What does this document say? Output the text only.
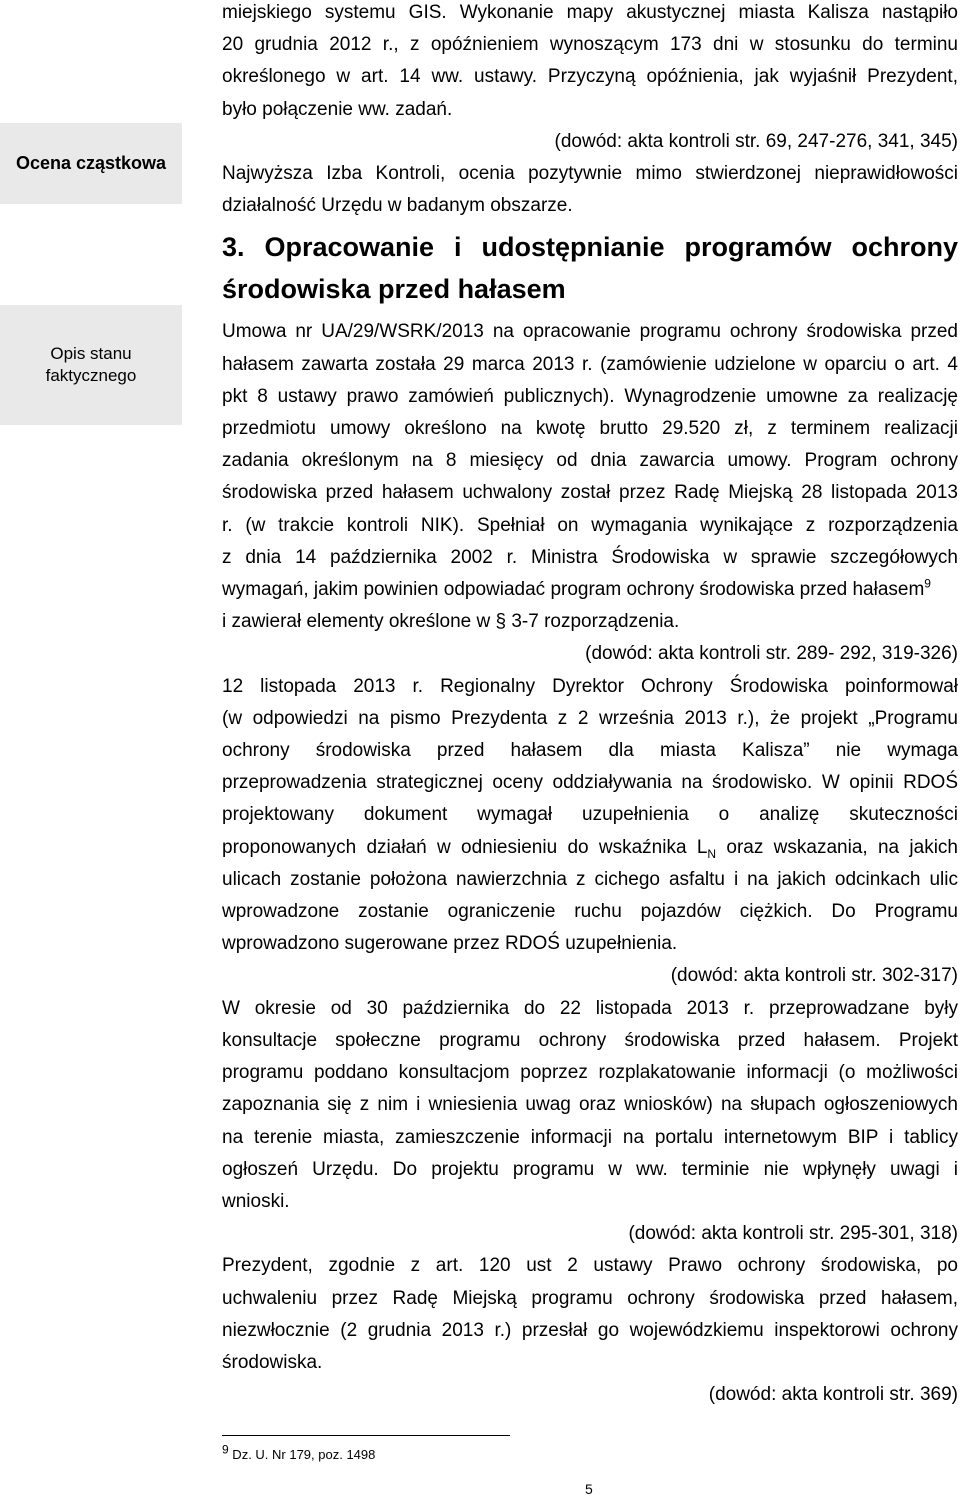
Ocena cząstkowa
Opis stanu
faktycznego

miejskiego systemu GIS. Wykonanie mapy akustycznej miasta Kalisza nastąpiło

20 grudnia 2012 r., z opóźnieniem wynoszącym 173 dni w stosunku do terminu

określonego w art. 14 ww. ustawy. Przyczyną opóźnienia, jak wyjaśnił Prezydent,

było połączenie ww. zadań.

(dowód: akta kontroli str. 69, 247-276, 341, 345)

Najwyższa Izba Kontroli, ocenia pozytywnie mimo stwierdzonej nieprawidłowości

działalność Urzędu w badanym obszarze.

3. Opracowanie i udostępnianie programów ochrony

środowiska przed hałasem

Umowa nr UA/29/WSRK/2013 na opracowanie programu ochrony środowiska przed

hałasem zawarta została 29 marca 2013 r. (zamówienie udzielone w oparciu o art. 4

pkt 8 ustawy prawo zamówień publicznych). Wynagrodzenie umowne za realizację

przedmiotu umowy określono na kwotę brutto 29.520 zł, z terminem realizacji

zadania określonym na 8 miesięcy od dnia zawarcia umowy. Program ochrony

środowiska przed hałasem uchwalony został przez Radę Miejską 28 listopada 2013

r. (w trakcie kontroli NIK). Spełniał on wymagania wynikające z rozporządzenia

z dnia 14 października 2002 r. Ministra Środowiska w sprawie szczegółowych

wymagań, jakim powinien odpowiadać program ochrony środowiska przed hałasem$^9$

i zawierał elementy określone w § 3-7 rozporządzenia.

(dowód: akta kontroli str. 289- 292, 319-326)

12 listopada 2013 r. Regionalny Dyrektor Ochrony Środowiska poinformował

(w odpowiedzi na pismo Prezydenta z 2 września 2013 r.), że projekt „Programu

ochrony środowiska przed hałasem dla miasta Kalisza” nie wymaga

przeprowadzenia strategicznej oceny oddziaływania na środowisko. W opinii RDOŚ

projektowany dokument wymagał uzupełnienia o analizę skuteczności

proponowanych działań w odniesieniu do wskaźnika $L_N$ oraz wskazania, na jakich

ulicach zostanie położona nawierzchnia z cichego asfaltu i na jakich odcinkach ulic

wprowadzone zostanie ograniczenie ruchu pojazdów ciężkich. Do Programu

wprowadzono sugerowane przez RDOŚ uzupełnienia.

(dowód: akta kontroli str. 302-317)

W okresie od 30 października do 22 listopada 2013 r. przeprowadzane były

konsultacje społeczne programu ochrony środowiska przed hałasem. Projekt

programu poddano konsultacjom poprzez rozplakatowanie informacji (o możliwości

zapoznania się z nim i wniesienia uwag oraz wniosków) na słupach ogłoszeniowych

na terenie miasta, zamieszczenie informacji na portalu internetowym BIP i tablicy

ogłoszeń Urzędu. Do projektu programu w ww. terminie nie wpłynęły uwagi i

wnioski.

(dowód: akta kontroli str. 295-301, 318)

Prezydent, zgodnie z art. 120 ust 2 ustawy Prawo ochrony środowiska, po

uchwaleniu przez Radę Miejską programu ochrony środowiska przed hałasem,

niezwłocznie (2 grudnia 2013 r.) przesłał go wojewódzkiemu inspektorowi ochrony

środowiska.

(dowód: akta kontroli str. 369)

9 Dz. U. Nr 179, poz. 1498
5
